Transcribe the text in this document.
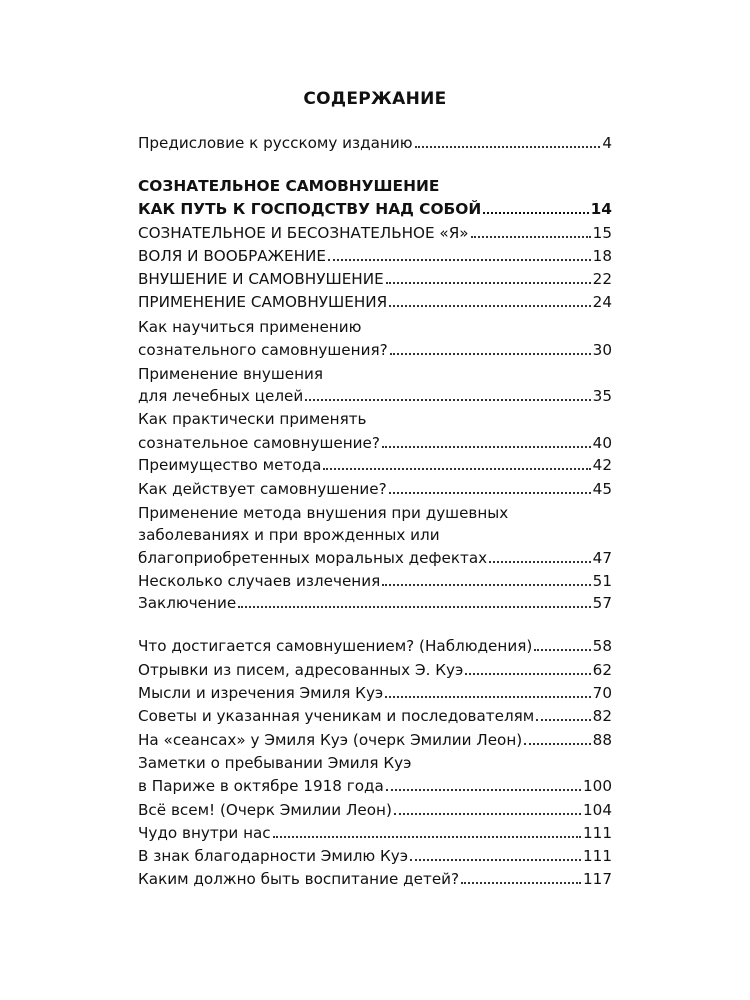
СОДЕРЖАНИЕ
Предисловие к русскому изданию	4
СОЗНАТЕЛЬНОЕ САМОВНУШЕНИЕ
КАК ПУТЬ К ГОСПОДСТВУ НАД СОБОЙ	14
СОЗНАТЕЛЬНОЕ И БЕСОЗНАТЕЛЬНОЕ «Я»	15
ВОЛЯ И ВООБРАЖЕНИЕ	18
ВНУШЕНИЕ И САМОВНУШЕНИЕ	22
ПРИМЕНЕНИЕ САМОВНУШЕНИЯ	24
Как научиться применению
сознательного самовнушения?	30
Применение внушения
для лечебных целей	35
Как практически применять
сознательное самовнушение?	40
Преимущество метода	42
Как действует самовнушение?	45
Применение метода внушения при душевных
заболеваниях и при врожденных или
благоприобретенных моральных дефектах	47
Несколько случаев излечения	51
Заключение	57
Что достигается самовнушением? (Наблюдения)	58
Отрывки из писем, адресованных Э. Куэ	62
Мысли и изречения Эмиля Куэ	70
Советы и указанная ученикам и последователям	82
На «сеансах» у Эмиля Куэ (очерк Эмилии Леон)	88
Заметки о пребывании Эмиля Куэ
в Париже в октябре 1918 года	100
Всё всем! (Очерк Эмилии Леон)	104
Чудо внутри нас	111
В знак благодарности Эмилю Куэ	111
Каким должно быть воспитание детей?	117
